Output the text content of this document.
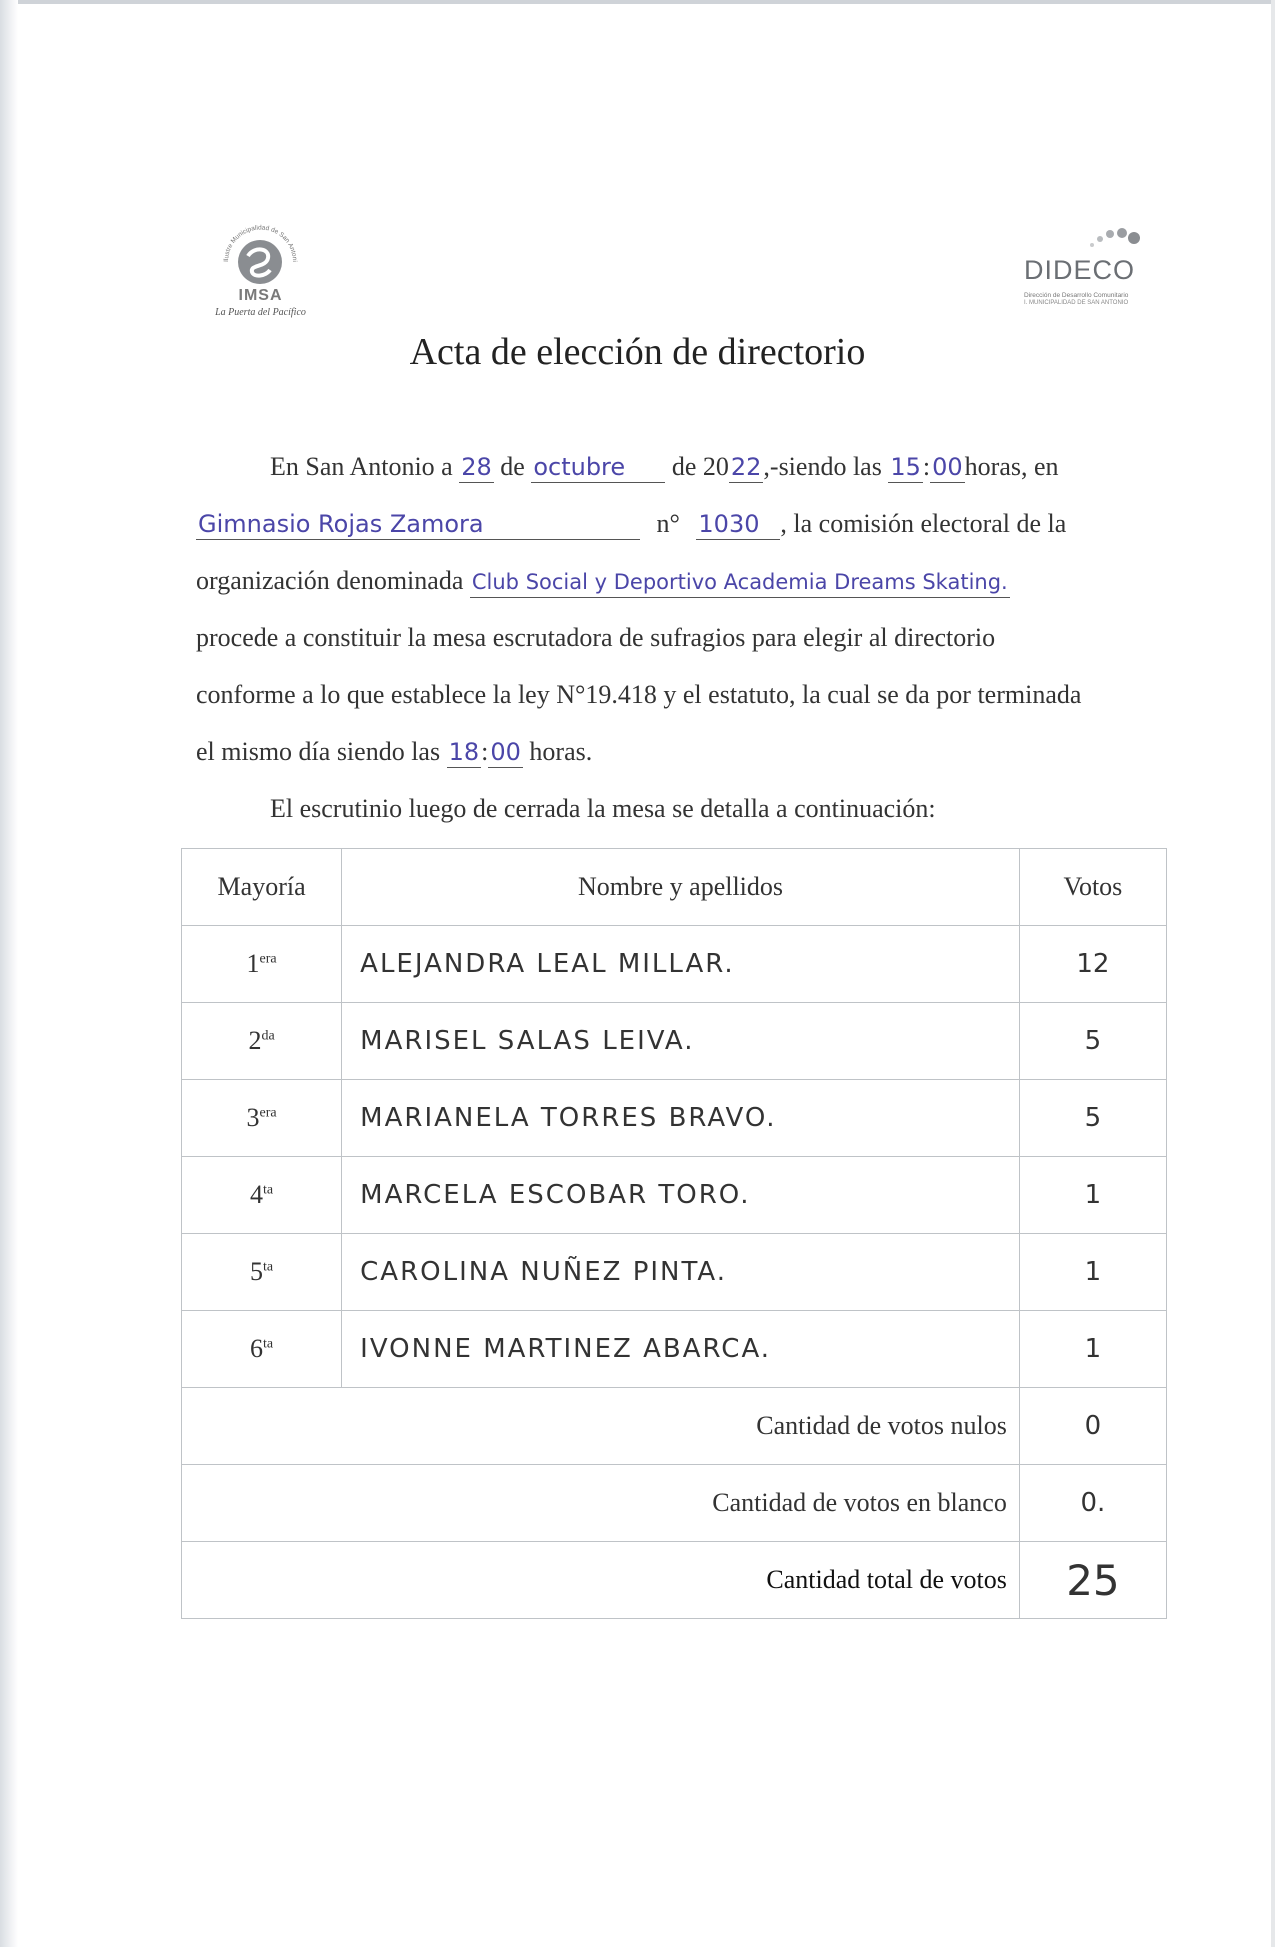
Ilustre Municipalidad de San Antoni
IMSA
La Puerta del Pacífico
DIDECO
Dirección de Desarrollo Comunitario
I. MUNICIPALIDAD DE SAN ANTONIO
Acta de elección de directorio
En San Antonio a 28 de octubre de 2022,-siendo las 15:00horas, en
Gimnasio Rojas Zamora	n° 1030 , la comisión electoral de la
organización denominada Club Social y Deportivo Academia Dreams Skating.
procede a constituir la mesa escrutadora de sufragios para elegir al directorio
conforme a lo que establece la ley N°19.418 y el estatuto, la cual se da por terminada
el mismo día siendo las 18:00 horas.
El escrutinio luego de cerrada la mesa se detalla a continuación:
Mayoría	Nombre y apellidos	Votos
$1^{era}$	ALEJANDRA LEAL MILLAR.	12
$2^{da}$	MARISEL SALAS LEIVA.	5
$3^{era}$	MARIANELA TORRES BRAVO.	5
$4^{ta}$	MARCELA ESCOBAR TORO.	1
$5^{ta}$	CAROLINA NUÑEZ PINTA.	1
$6^{ta}$	IVONNE MARTINEZ ABARCA.	1
Cantidad de votos nulos		0
Cantidad de votos en blanco		0.
Cantidad total de votos		25
